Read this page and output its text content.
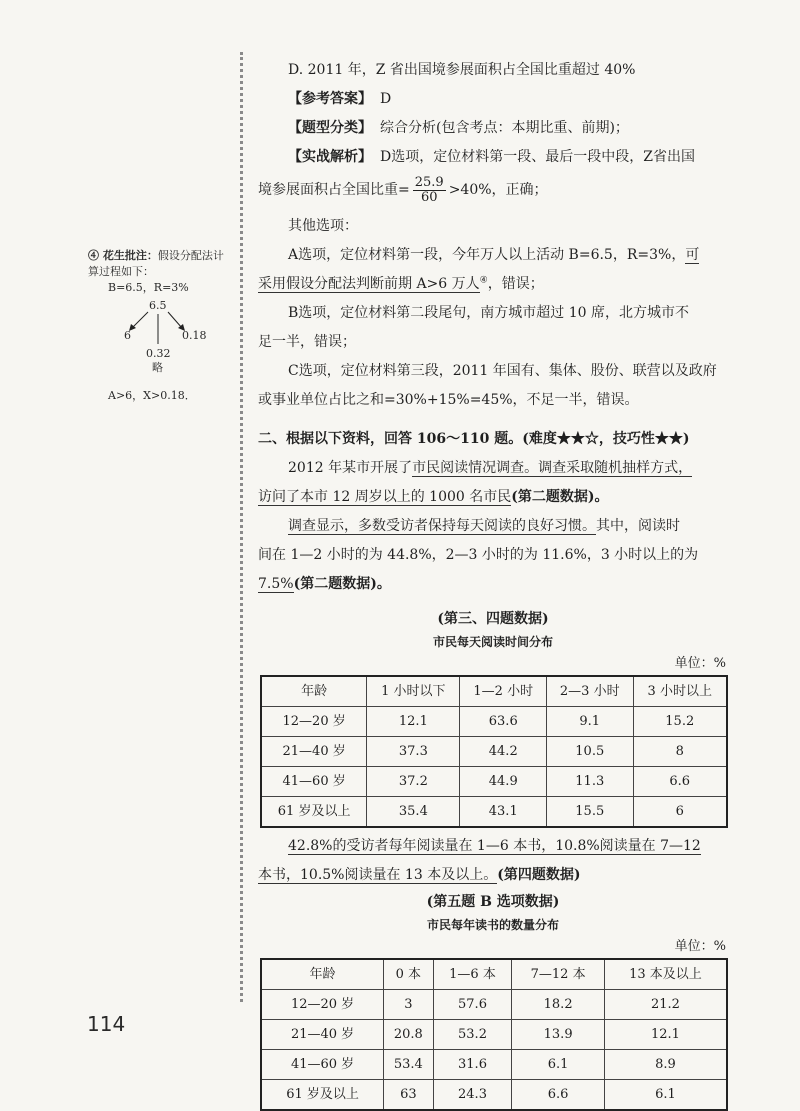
④ 花生批注：假设分配法计
算过程如下：
B=6.5，R=3%
6.5
6	0.18
0.32
略
A>6，X>0.18．
D. 2011 年，Z 省出国境参展面积占全国比重超过 40%
【参考答案】 D
【题型分类】 综合分析(包含考点：本期比重、前期)；
【实战解析】 D选项，定位材料第一段、最后一段中段，Z省出国
境参展面积占全国比重= $\frac{25.9}{60} >40\%$，正确；
其他选项：
A选项，定位材料第一段，今年万人以上活动 B=6.5，R=3%，可
采用假设分配法判断前期 A>6 万人④，错误；
B选项，定位材料第二段尾句，南方城市超过 10 席，北方城市不
足一半，错误；
C选项，定位材料第三段，2011 年国有、集体、股份、联营以及政府
或事业单位占比之和=30%+15%=45%，不足一半，错误。
二、根据以下资料，回答 106～110 题。(难度★★☆，技巧性★★)
2012 年某市开展了市民阅读情况调查。调查采取随机抽样方式，
访问了本市 12 周岁以上的 1000 名市民(第二题数据)。
调查显示，多数受访者保持每天阅读的良好习惯。其中，阅读时
间在 1—2 小时的为 44.8%，2—3 小时的为 11.6%，3 小时以上的为
7.5%(第二题数据)。
(第三、四题数据)
市民每天阅读时间分布
单位：%
年龄	1 小时以下	1—2 小时	2—3 小时	3 小时以上
12—20 岁	12.1	63.6	9.1	15.2
21—40 岁	37.3	44.2	10.5	8
41—60 岁	37.2	44.9	11.3	6.6
61 岁及以上	35.4	43.1	15.5	6
42.8%的受访者每年阅读量在 1—6 本书，10.8%阅读量在 7—12
本书，10.5%阅读量在 13 本及以上。(第四题数据)
(第五题 B 选项数据)
市民每年读书的数量分布
单位：%
年龄	0 本	1—6 本	7—12 本	13 本及以上
12—20 岁	3	57.6	18.2	21.2
21—40 岁	20.8	53.2	13.9	12.1
41—60 岁	53.4	31.6	6.1	8.9
61 岁及以上	63	24.3	6.6	6.1
114
